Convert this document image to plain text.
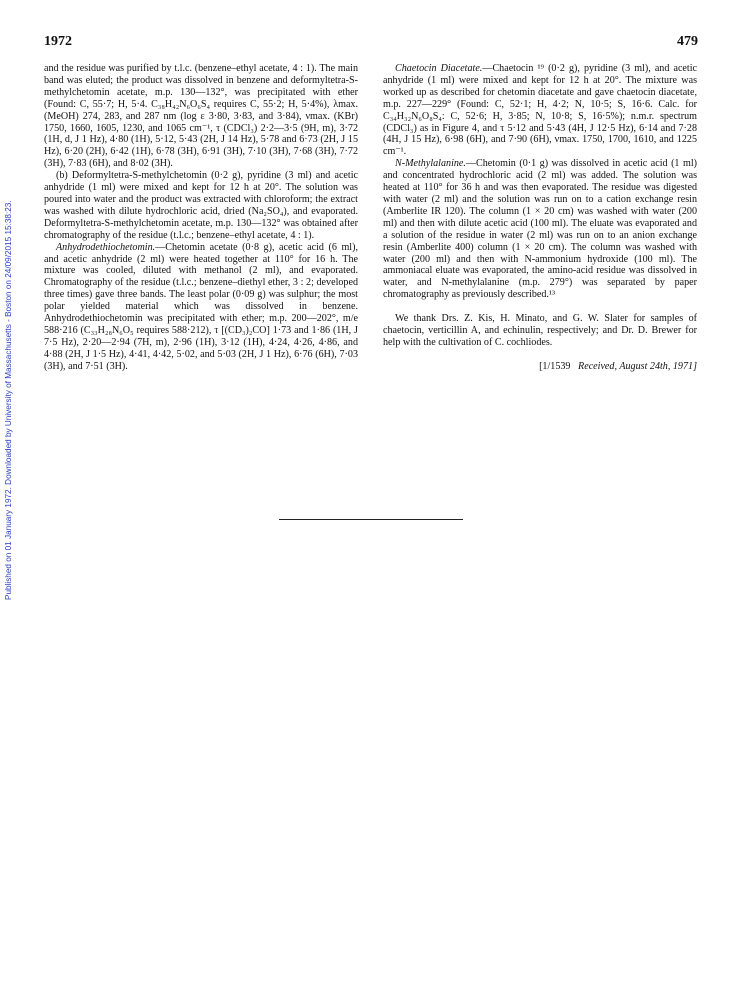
Published on 01 January 1972. Downloaded by University of Massachusetts - Boston on 24/09/2015 15:38:23.
1972	479

and the residue was purified by t.l.c. (benzene–ethyl acetate, 4 : 1). The main band was eluted; the product was dissolved in benzene and deformyltetra-S-methylchetomin acetate, m.p. 130—132°, was precipitated with ether (Found: C, 55·7; H, 5·4. C₃₈H₄₂N₆O₆S₄ requires C, 55·2; H, 5·4%), λmax. (MeOH) 274, 283, and 287 nm (log ε 3·80, 3·83, and 3·84), νmax. (KBr) 1750, 1660, 1605, 1230, and 1065 cm⁻¹, τ (CDCl₃) 2·2—3·5 (9H, m), 3·72 (1H, d, J 1 Hz), 4·80 (1H), 5·12, 5·43 (2H, J 14 Hz), 5·78 and 6·73 (2H, J 15 Hz), 6·20 (2H), 6·42 (1H), 6·78 (3H), 6·91 (3H), 7·10 (3H), 7·68 (3H), 7·72 (3H), 7·83 (6H), and 8·02 (3H).

(b) Deformyltetra-S-methylchetomin (0·2 g), pyridine (3 ml) and acetic anhydride (1 ml) were mixed and kept for 12 h at 20°. The solution was poured into water and the product was extracted with chloroform; the extract was washed with dilute hydrochloric acid, dried (Na₂SO₄), and evaporated. Deformyltetra-S-methylchetomin acetate, m.p. 130—132° was obtained after chromatography of the residue (t.l.c.; benzene–ethyl acetate, 4 : 1).

Anhydrodethiochetomin.—Chetomin acetate (0·8 g), acetic acid (6 ml), and acetic anhydride (2 ml) were heated together at 110° for 16 h. The mixture was cooled, diluted with methanol (2 ml), and evaporated. Chromatography of the residue (t.l.c.; benzene–diethyl ether, 3 : 2; developed three times) gave three bands. The least polar (0·09 g) was sulphur; the most polar yielded material which was dissolved in benzene. Anhydrodethiochetomin was precipitated with ether; m.p. 200—202°, m/e 588·216 (C₃₃H₂₈N₆O₅ requires 588·212), τ [(CD₃)₂CO] 1·73 and 1·86 (1H, J 7·5 Hz), 2·20—2·94 (7H, m), 2·96 (1H), 3·12 (1H), 4·24, 4·26, 4·86, and 4·88 (2H, J 1·5 Hz), 4·41, 4·42, 5·02, and 5·03 (2H, J 1 Hz), 6·76 (6H), 7·03 (3H), and 7·51 (3H).

Chaetocin Diacetate.—Chaetocin ¹⁹ (0·2 g), pyridine (3 ml), and acetic anhydride (1 ml) were mixed and kept for 12 h at 20°. The mixture was worked up as described for chetomin diacetate and gave chaetocin diacetate, m.p. 227—229° (Found: C, 52·1; H, 4·2; N, 10·5; S, 16·6. Calc. for C₃₄H₃₂N₆O₈S₄: C, 52·6; H, 3·85; N, 10·8; S, 16·5%); n.m.r. spectrum (CDCl₃) as in Figure 4, and τ 5·12 and 5·43 (4H, J 12·5 Hz), 6·14 and 7·28 (4H, J 15 Hz), 6·98 (6H), and 7·90 (6H), νmax. 1750, 1700, 1610, and 1225 cm⁻¹.

N-Methylalanine.—Chetomin (0·1 g) was dissolved in acetic acid (1 ml) and concentrated hydrochloric acid (2 ml) was added. The solution was heated at 110° for 36 h and was then evaporated. The residue was digested with water (2 ml) and the solution was run on to a cation exchange resin (Amberlite IR 120). The column (1 × 20 cm) was washed with water (200 ml) and then with dilute acetic acid (100 ml). The eluate was evaporated and a solution of the residue in water (2 ml) was run on to an anion exchange resin (Amberlite 400) column (1 × 20 cm). The column was washed with water (200 ml) and then with N-ammonium hydroxide (100 ml). The ammoniacal eluate was evaporated, the amino-acid residue was dissolved in water, and N-methylalanine (m.p. 279°) was separated by paper chromatography as previously described.¹³

We thank Drs. Z. Kis, H. Minato, and G. W. Slater for samples of chaetocin, verticillin A, and echinulin, respectively; and Dr. D. Brewer for help with the cultivation of C. cochliodes.

[1/1539 Received, August 24th, 1971]
